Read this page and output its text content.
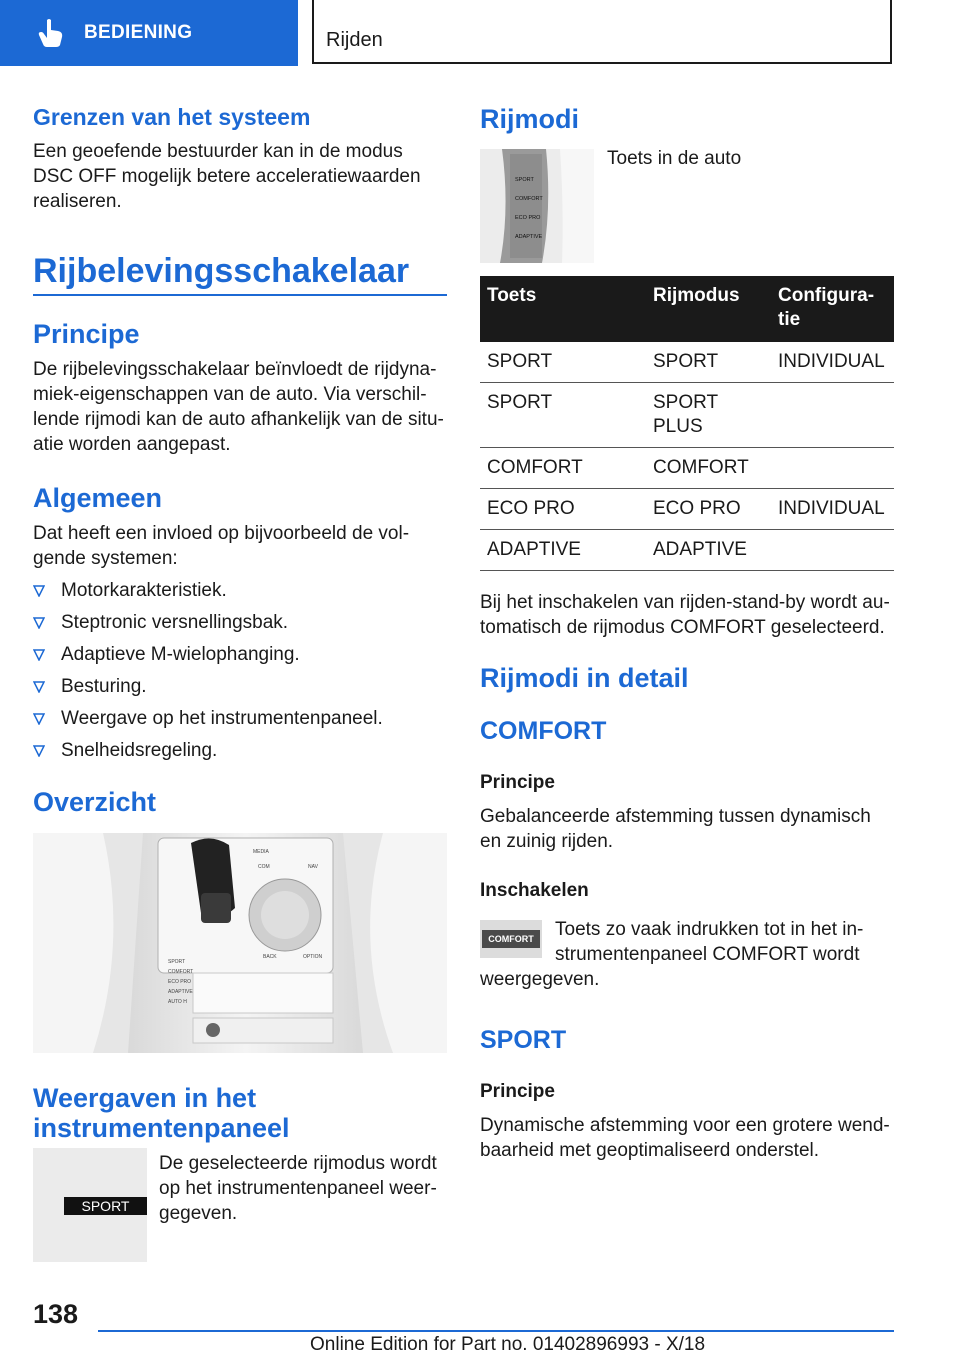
BEDIENING	Rijden
Grenzen van het systeem
Een geoefende bestuurder kan in de modus DSC OFF mogelijk betere acceleratiewaarden realiseren.
Rijbelevingsschakelaar
Principe
De rijbelevingsschakelaar beïnvloedt de rijdyna-miek-eigenschappen van de auto. Via verschil-lende rijmodi kan de auto afhankelijk van de situ-atie worden aangepast.
Algemeen
Dat heeft een invloed op bijvoorbeeld de vol-gende systemen:
Motorkarakteristiek.
Steptronic versnellingsbak.
Adaptieve M-wielophanging.
Besturing.
Weergave op het instrumentenpaneel.
Snelheidsregeling.
Overzicht
SPORT
COMFORT
ECO PRO
ADAPTIVE
AUTO H
MEDIA
COM	NAV
BACK	OPTION
Weergaven in het
instrumentenpaneel
SPORT
De geselecteerde rijmodus wordt op het instrumentenpaneel weer-gegeven.
Rijmodi
SPORT
COMFORT
ECO PRO
ADAPTIVE
Toets in de auto
Toets	Rijmodus	Configura-tie
SPORT	SPORT	INDIVIDUAL
SPORT	SPORT PLUS	
COMFORT	COMFORT	
ECO PRO	ECO PRO	INDIVIDUAL
ADAPTIVE	ADAPTIVE	
Bij het inschakelen van rijden-stand-by wordt au-tomatisch de rijmodus COMFORT geselecteerd.
Rijmodi in detail
COMFORT
Principe
Gebalanceerde afstemming tussen dynamisch en zuinig rijden.
Inschakelen
COMFORT	Toets zo vaak indrukken tot in het in-strumentenpaneel COMFORT wordt
weergegeven.
SPORT
Principe
Dynamische afstemming voor een grotere wend-baarheid met geoptimaliseerd onderstel.
138
Online Edition for Part no. 01402896993 - X/18
